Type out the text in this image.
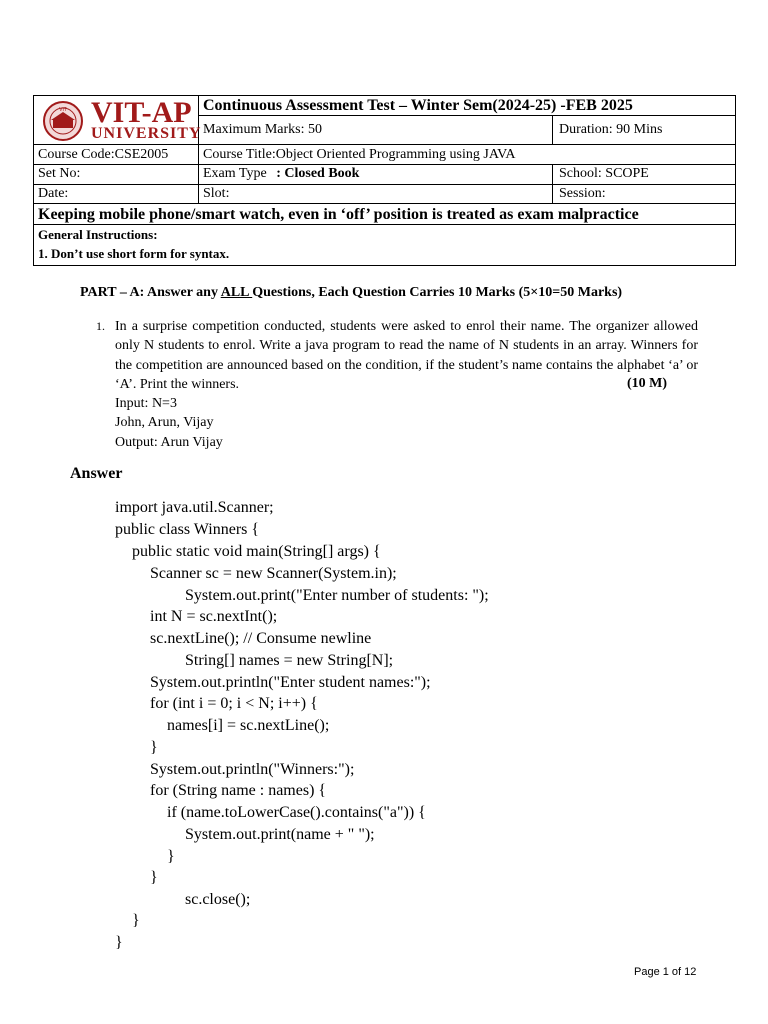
VIT VIT-AP
UNIVERSITY
Continuous Assessment Test – Winter Sem(2024-25) -FEB 2025
Maximum Marks: 50	Duration: 90 Mins
Course Code:CSE2005 Course Title:Object Oriented Programming using JAVA
Set No:	Exam Type : Closed Book	School: SCOPE
Date:	Slot:	Session:
Keeping mobile phone/smart watch, even in ‘off’ position is treated as exam malpractice
General Instructions:
1. Don’t use short form for syntax.
PART – A: Answer any ALL Questions, Each Question Carries 10 Marks (5×10=50 Marks)
1. In a surprise competition conducted, students were asked to enrol their name. The organizer allowed only N students to enrol. Write a java program to read the name of N students in an array. Winners for the competition are announced based on the condition, if the student’s name contains the alphabet ‘a’ or ‘A’. Print the winners.	(10 M)
Input: N=3
John, Arun, Vijay
Output: Arun Vijay
Answer
import java.util.Scanner;
public class Winners {
public static void main(String[] args) {
Scanner sc = new Scanner(System.in);
System.out.print("Enter number of students: ");
int N = sc.nextInt();
sc.nextLine(); // Consume newline
String[] names = new String[N];
System.out.println("Enter student names:");
for (int i = 0; i < N; i++) {
names[i] = sc.nextLine();
}
System.out.println("Winners:");
for (String name : names) {
if (name.toLowerCase().contains("a")) {
System.out.print(name + " ");
}
}
sc.close();
}
}
Page 1 of 12
